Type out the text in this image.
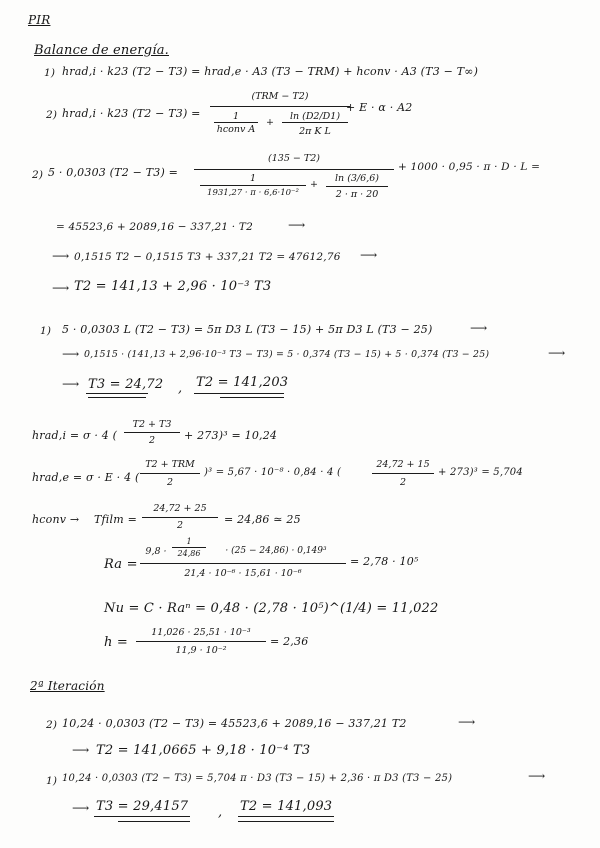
PIR
Balance de energía.
1) hrad,i · k23 (T2 − T3) = hrad,e · A3 (T3 − TRM) + hconv · A3 (T3 − T∞)
2) hrad,i · k23 (T2 − T3) =
(TRM − T2)
1
hconv A
+
ln (D2/D1)
2π K L
+ E · α · A2
2) 5 · 0,0303 (T2 − T3) =
(135 − T2)
1
1931,27 · π · 6,6·10⁻²
+
ln (3/6,6)
2 · π · 20
+ 1000 · 0,95 · π · D · L =
= 45523,6 + 2089,16 − 337,21 · T2	⟶
⟶ 0,1515 T2 − 0,1515 T3 + 337,21 T2 = 47612,76 ⟶
⟶ T2 = 141,13 + 2,96 · 10⁻³ T3
1) 5 · 0,0303 L (T2 − T3) = 5π D3 L (T3 − 15) + 5π D3 L (T3 − 25)	⟶
⟶ 0,1515 · (141,13 + 2,96·10⁻³ T3 − T3) = 5 · 0,374 (T3 − 15) + 5 · 0,374 (T3 − 25)	⟶
⟶ T3 = 24,72 , T2 = 141,203
hrad,i = σ · 4 (
T2 + T3
2	+ 273)³ = 10,24
hrad,e = σ · E · 4 (
T2 + TRM
2
)³ = 5,67 · 10⁻⁸ · 0,84 · 4 (
24,72 + 15
2
+ 273)³ = 5,704
hconv → Tfilm =
24,72 + 25
2	= 24,86 ≃ 25
Ra =
9,8 ·
1
24,86	· (25 − 24,86) · 0,149³
21,4 · 10⁻⁶ · 15,61 · 10⁻⁶
= 2,78 · 10⁵
Nu = C · Raⁿ = 0,48 · (2,78 · 10⁵)^(1/4) = 11,022
h =
11,026 · 25,51 · 10⁻³
11,9 · 10⁻²
= 2,36
2ª Iteración
2) 10,24 · 0,0303 (T2 − T3) = 45523,6 + 2089,16 − 337,21 T2	⟶
⟶ T2 = 141,0665 + 9,18 · 10⁻⁴ T3
1) 10,24 · 0,0303 (T2 − T3) = 5,704 π · D3 (T3 − 15) + 2,36 · π D3 (T3 − 25)	⟶
⟶ T3 = 29,4157 , T2 = 141,093
